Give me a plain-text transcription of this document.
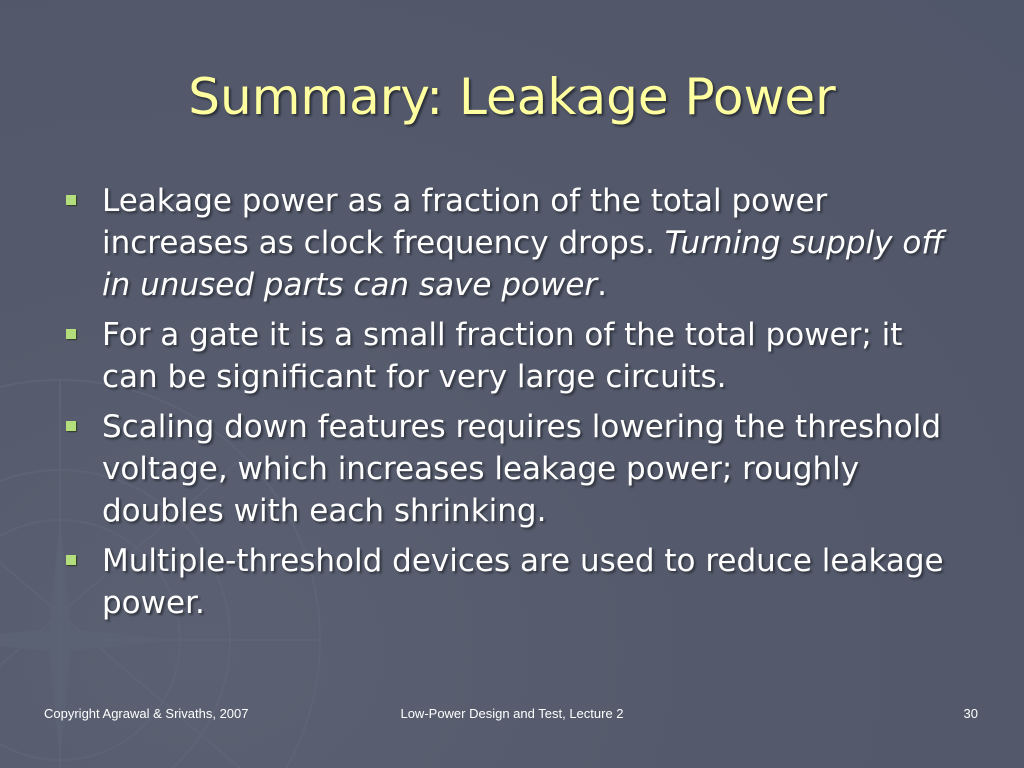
Summary: Leakage Power
Leakage power as a fraction of the total power increases as clock frequency drops. Turning supply off in unused parts can save power.
For a gate it is a small fraction of the total power; it can be significant for very large circuits.
Scaling down features requires lowering the threshold voltage, which increases leakage power; roughly doubles with each shrinking.
Multiple-threshold devices are used to reduce leakage power.
Copyright Agrawal & Srivaths, 2007	Low-Power Design and Test, Lecture 2	30
